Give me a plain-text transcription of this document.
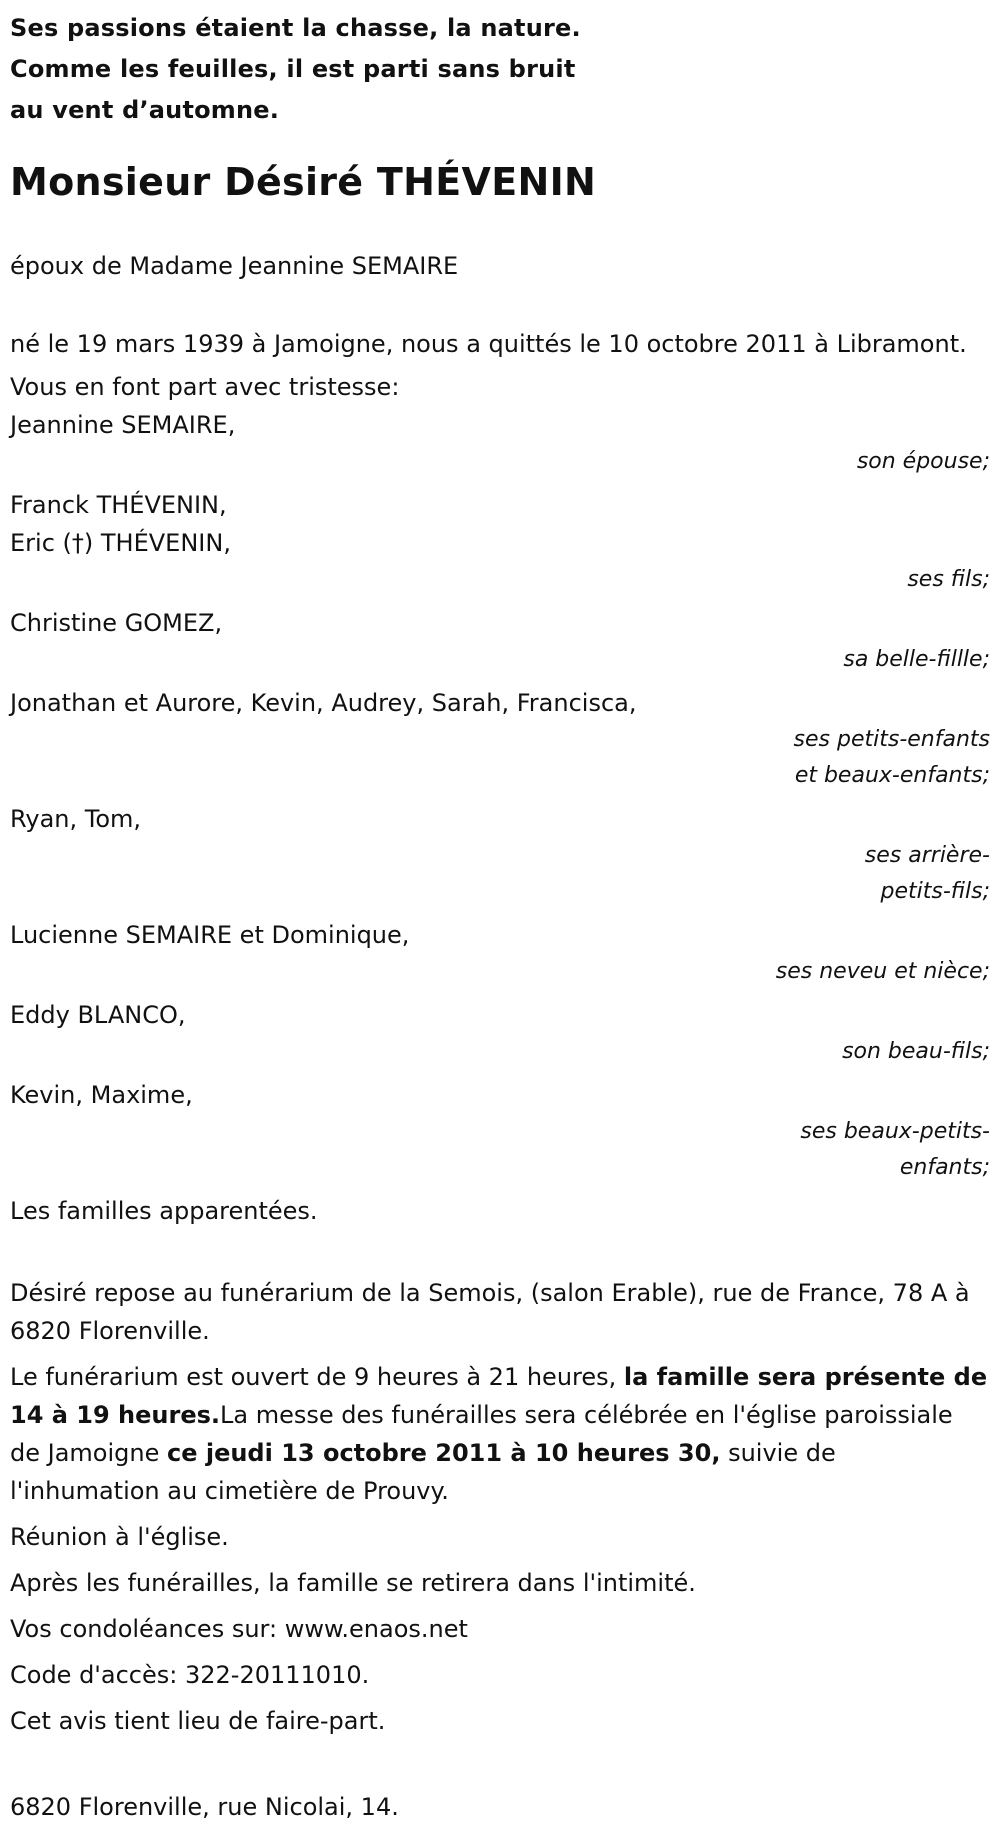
Ses passions étaient la chasse, la nature.
Comme les feuilles, il est parti sans bruit
au vent d’automne.
Monsieur Désiré THÉVENIN

époux de Madame Jeannine SEMAIRE

né le 19 mars 1939 à Jamoigne, nous a quittés le 10 octobre 2011 à Libramont.

Vous en font part avec tristesse:

Jeannine SEMAIRE,
son épouse;
Franck THÉVENIN,
Eric (†) THÉVENIN,
ses fils;
Christine GOMEZ,
sa belle-fillle;
Jonathan et Aurore, Kevin, Audrey, Sarah, Francisca,
ses petits-enfants
et beaux-enfants;
Ryan, Tom,
ses arrière-
petits-fils;
Lucienne SEMAIRE et Dominique,
ses neveu et nièce;
Eddy BLANCO,
son beau-fils;
Kevin, Maxime,
ses beaux-petits-
enfants;

Les familles apparentées.

Désiré repose au funérarium de la Semois, (salon Erable), rue de France, 78 A à 6820 Florenville.

Le funérarium est ouvert de 9 heures à 21 heures, la famille sera présente de 14 à 19 heures.La messe des funérailles sera célébrée en l'église paroissiale de Jamoigne ce jeudi 13 octobre 2011 à 10 heures 30, suivie de l'inhumation au cimetière de Prouvy.

Réunion à l'église.

Après les funérailles, la famille se retirera dans l'intimité.

Vos condoléances sur: www.enaos.net

Code d'accès: 322-20111010.

Cet avis tient lieu de faire-part.

6820 Florenville, rue Nicolai, 14.
